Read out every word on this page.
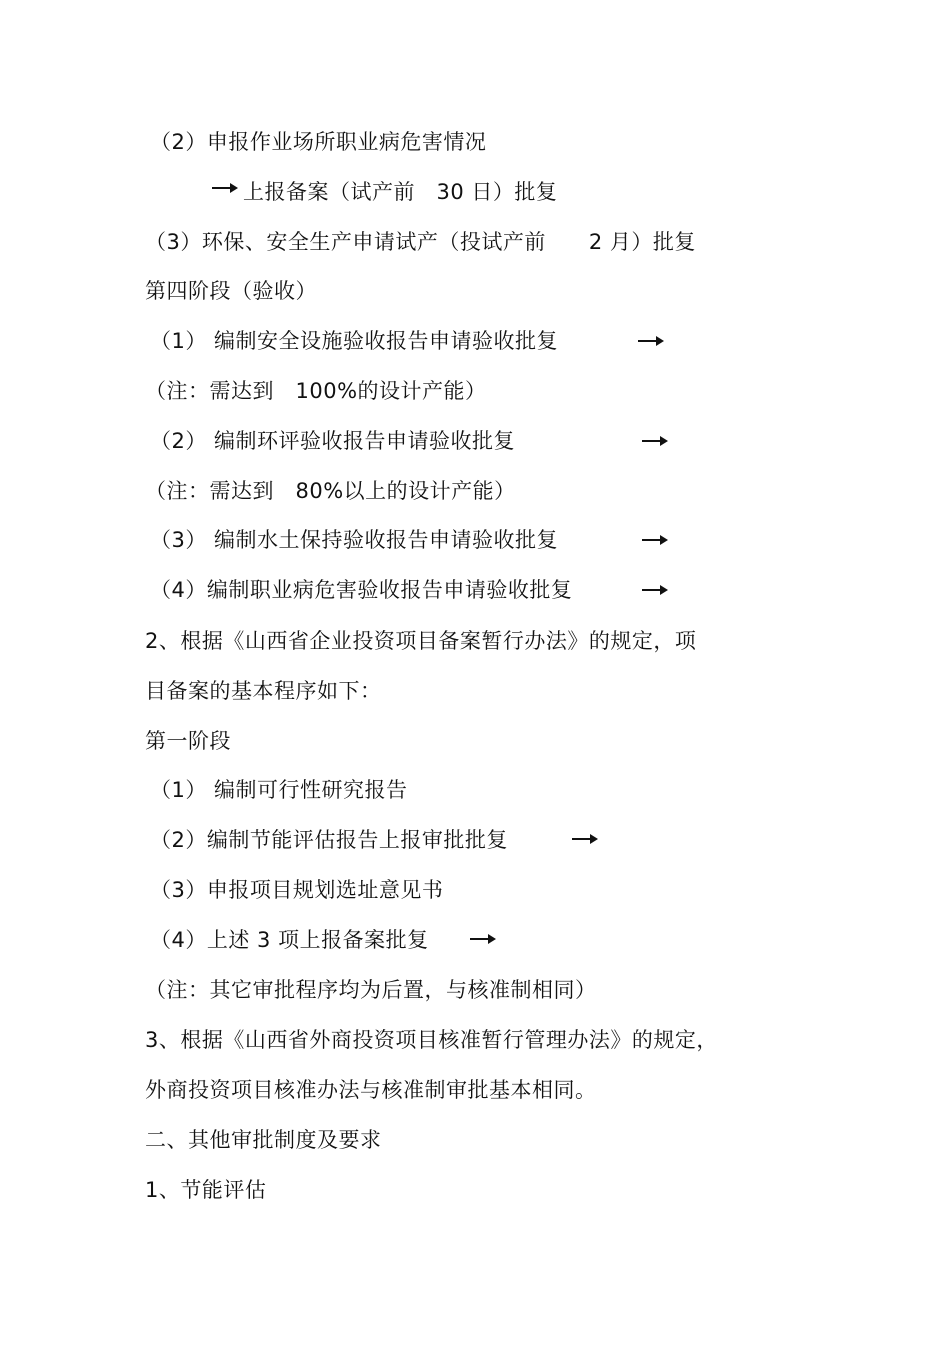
（2）申报作业场所职业病危害情况
上报备案（试产前　30 日）批复
（3）环保、安全生产申请试产（投试产前　　2 月）批复
第四阶段（验收）
（1） 编制安全设施验收报告申请验收批复
（注：需达到　100%的设计产能）
（2） 编制环评验收报告申请验收批复
（注：需达到　80%以上的设计产能）
（3） 编制水土保持验收报告申请验收批复
（4）编制职业病危害验收报告申请验收批复
2、根据《山西省企业投资项目备案暂行办法》的规定，项
目备案的基本程序如下：
第一阶段
（1） 编制可行性研究报告
（2）编制节能评估报告上报审批批复
（3）申报项目规划选址意见书
（4）上述 3 项上报备案批复
（注：其它审批程序均为后置，与核准制相同）
3、根据《山西省外商投资项目核准暂行管理办法》的规定，
外商投资项目核准办法与核准制审批基本相同。
二、其他审批制度及要求
1、节能评估
